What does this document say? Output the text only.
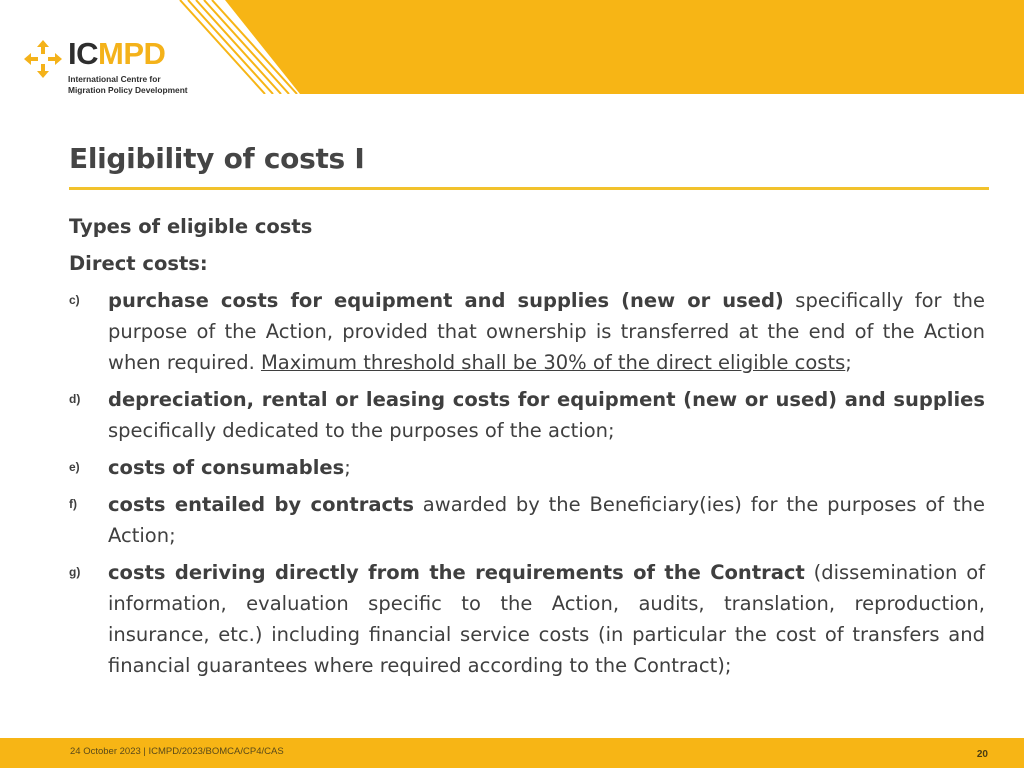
ICMPD
International Centre for
Migration Policy Development
Eligibility of costs I
Types of eligible costs
Direct costs:
c) purchase costs for equipment and supplies (new or used) specifically for the purpose of the Action, provided that ownership is transferred at the end of the Action when required. Maximum threshold shall be 30% of the direct eligible costs;
d) depreciation, rental or leasing costs for equipment (new or used) and supplies specifically dedicated to the purposes of the action;
e) costs of consumables;
f) costs entailed by contracts awarded by the Beneficiary(ies) for the purposes of the Action;
g) costs deriving directly from the requirements of the Contract (dissemination of information, evaluation specific to the Action, audits, translation, reproduction, insurance, etc.) including financial service costs (in particular the cost of transfers and financial guarantees where required according to the Contract);
24 October 2023 | ICMPD/2023/BOMCA/CP4/CAS	20
